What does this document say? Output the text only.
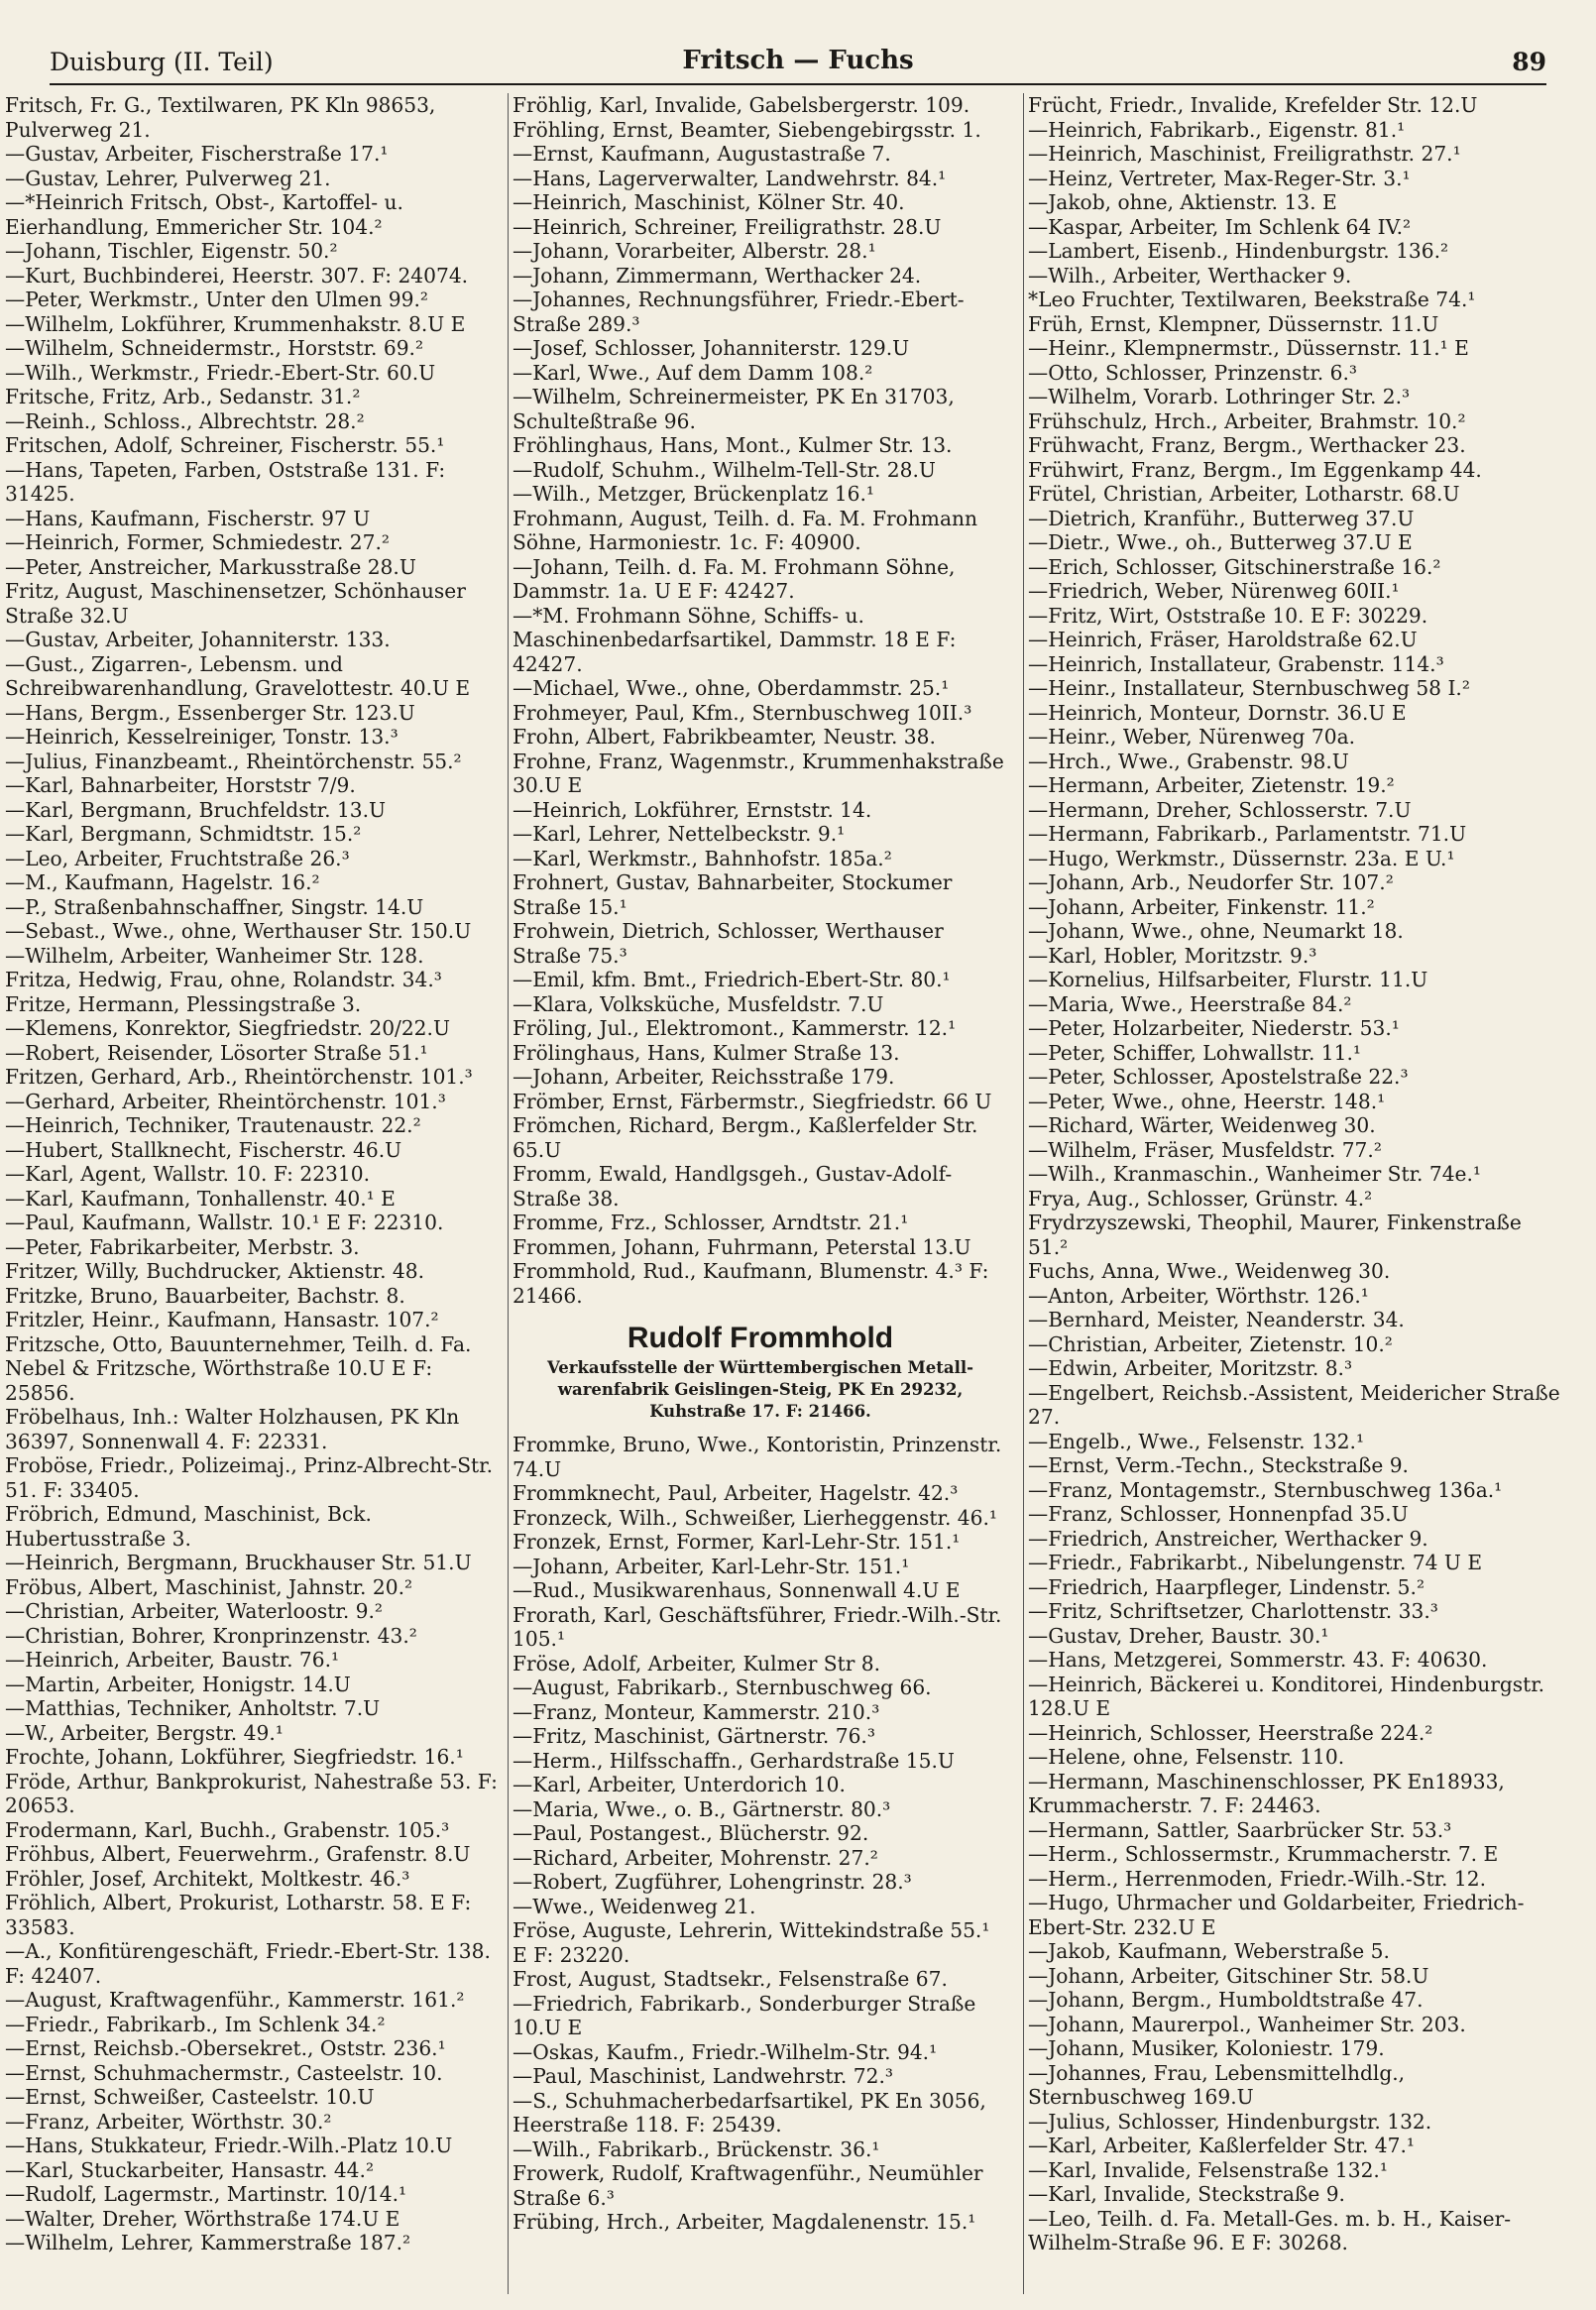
Duisburg (II. Teil)	Fritsch — Fuchs	89

Fritsch, Fr. G., Textilwaren, PK Kln 98653, Pulverweg 21.

—Gustav, Arbeiter, Fischerstraße 17.¹

—Gustav, Lehrer, Pulverweg 21.

—*Heinrich Fritsch, Obst-, Kartoffel- u. Eierhandlung, Emmericher Str. 104.²

—Johann, Tischler, Eigenstr. 50.²

—Kurt, Buchbinderei, Heerstr. 307. F: 24074.

—Peter, Werkmstr., Unter den Ulmen 99.²

—Wilhelm, Lokführer, Krummenhakstr. 8.U E

—Wilhelm, Schneidermstr., Horststr. 69.²

—Wilh., Werkmstr., Friedr.-Ebert-Str. 60.U

Fritsche, Fritz, Arb., Sedanstr. 31.²

—Reinh., Schloss., Albrechtstr. 28.²

Fritschen, Adolf, Schreiner, Fischerstr. 55.¹

—Hans, Tapeten, Farben, Oststraße 131. F: 31425.

—Hans, Kaufmann, Fischerstr. 97 U

—Heinrich, Former, Schmiedestr. 27.²

—Peter, Anstreicher, Markusstraße 28.U

Fritz, August, Maschinensetzer, Schönhauser Straße 32.U

—Gustav, Arbeiter, Johanniterstr. 133.

—Gust., Zigarren-, Lebensm. und Schreibwarenhandlung, Gravelottestr. 40.U E

—Hans, Bergm., Essenberger Str. 123.U

—Heinrich, Kesselreiniger, Tonstr. 13.³

—Julius, Finanzbeamt., Rheintörchenstr. 55.²

—Karl, Bahnarbeiter, Horststr 7/9.

—Karl, Bergmann, Bruchfeldstr. 13.U

—Karl, Bergmann, Schmidtstr. 15.²

—Leo, Arbeiter, Fruchtstraße 26.³

—M., Kaufmann, Hagelstr. 16.²

—P., Straßenbahnschaffner, Singstr. 14.U

—Sebast., Wwe., ohne, Werthauser Str. 150.U

—Wilhelm, Arbeiter, Wanheimer Str. 128.

Fritza, Hedwig, Frau, ohne, Rolandstr. 34.³

Fritze, Hermann, Plessingstraße 3.

—Klemens, Konrektor, Siegfriedstr. 20/22.U

—Robert, Reisender, Lösorter Straße 51.¹

Fritzen, Gerhard, Arb., Rheintörchenstr. 101.³

—Gerhard, Arbeiter, Rheintörchenstr. 101.³

—Heinrich, Techniker, Trautenaustr. 22.²

—Hubert, Stallknecht, Fischerstr. 46.U

—Karl, Agent, Wallstr. 10. F: 22310.

—Karl, Kaufmann, Tonhallenstr. 40.¹ E

—Paul, Kaufmann, Wallstr. 10.¹ E F: 22310.

—Peter, Fabrikarbeiter, Merbstr. 3.

Fritzer, Willy, Buchdrucker, Aktienstr. 48.

Fritzke, Bruno, Bauarbeiter, Bachstr. 8.

Fritzler, Heinr., Kaufmann, Hansastr. 107.²

Fritzsche, Otto, Bauunternehmer, Teilh. d. Fa. Nebel & Fritzsche, Wörthstraße 10.U E F: 25856.

Fröbelhaus, Inh.: Walter Holzhausen, PK Kln 36397, Sonnenwall 4. F: 22331.

Froböse, Friedr., Polizeimaj., Prinz-Albrecht-Str. 51. F: 33405.

Fröbrich, Edmund, Maschinist, Bck. Hubertusstraße 3.

—Heinrich, Bergmann, Bruckhauser Str. 51.U

Fröbus, Albert, Maschinist, Jahnstr. 20.²

—Christian, Arbeiter, Waterloostr. 9.²

—Christian, Bohrer, Kronprinzenstr. 43.²

—Heinrich, Arbeiter, Baustr. 76.¹

—Martin, Arbeiter, Honigstr. 14.U

—Matthias, Techniker, Anholtstr. 7.U

—W., Arbeiter, Bergstr. 49.¹

Frochte, Johann, Lokführer, Siegfriedstr. 16.¹

Fröde, Arthur, Bankprokurist, Nahestraße 53. F: 20653.

Frodermann, Karl, Buchh., Grabenstr. 105.³

Fröhbus, Albert, Feuerwehrm., Grafenstr. 8.U

Fröhler, Josef, Architekt, Moltkestr. 46.³

Fröhlich, Albert, Prokurist, Lotharstr. 58. E F: 33583.

—A., Konfitürengeschäft, Friedr.-Ebert-Str. 138. F: 42407.

—August, Kraftwagenführ., Kammerstr. 161.²

—Friedr., Fabrikarb., Im Schlenk 34.²

—Ernst, Reichsb.-Obersekret., Oststr. 236.¹

—Ernst, Schuhmachermstr., Casteelstr. 10.

—Ernst, Schweißer, Casteelstr. 10.U

—Franz, Arbeiter, Wörthstr. 30.²

—Hans, Stukkateur, Friedr.-Wilh.-Platz 10.U

—Karl, Stuckarbeiter, Hansastr. 44.²

—Rudolf, Lagermstr., Martinstr. 10/14.¹

—Walter, Dreher, Wörthstraße 174.U E

—Wilhelm, Lehrer, Kammerstraße 187.²

Fröhlig, Karl, Invalide, Gabelsbergerstr. 109.

Fröhling, Ernst, Beamter, Siebengebirgsstr. 1.

—Ernst, Kaufmann, Augustastraße 7.

—Hans, Lagerverwalter, Landwehrstr. 84.¹

—Heinrich, Maschinist, Kölner Str. 40.

—Heinrich, Schreiner, Freiligrathstr. 28.U

—Johann, Vorarbeiter, Alberstr. 28.¹

—Johann, Zimmermann, Werthacker 24.

—Johannes, Rechnungsführer, Friedr.-Ebert-Straße 289.³

—Josef, Schlosser, Johanniterstr. 129.U

—Karl, Wwe., Auf dem Damm 108.²

—Wilhelm, Schreinermeister, PK En 31703, Schulteßtraße 96.

Fröhlinghaus, Hans, Mont., Kulmer Str. 13.

—Rudolf, Schuhm., Wilhelm-Tell-Str. 28.U

—Wilh., Metzger, Brückenplatz 16.¹

Frohmann, August, Teilh. d. Fa. M. Frohmann Söhne, Harmoniestr. 1c. F: 40900.

—Johann, Teilh. d. Fa. M. Frohmann Söhne, Dammstr. 1a. U E F: 42427.

—*M. Frohmann Söhne, Schiffs- u. Maschinenbedarfsartikel, Dammstr. 18 E F: 42427.

—Michael, Wwe., ohne, Oberdammstr. 25.¹

Frohmeyer, Paul, Kfm., Sternbuschweg 10II.³

Frohn, Albert, Fabrikbeamter, Neustr. 38.

Frohne, Franz, Wagenmstr., Krummenhakstraße 30.U E

—Heinrich, Lokführer, Ernststr. 14.

—Karl, Lehrer, Nettelbeckstr. 9.¹

—Karl, Werkmstr., Bahnhofstr. 185a.²

Frohnert, Gustav, Bahnarbeiter, Stockumer Straße 15.¹

Frohwein, Dietrich, Schlosser, Werthauser Straße 75.³

—Emil, kfm. Bmt., Friedrich-Ebert-Str. 80.¹

—Klara, Volksküche, Musfeldstr. 7.U

Fröling, Jul., Elektromont., Kammerstr. 12.¹

Frölinghaus, Hans, Kulmer Straße 13.

—Johann, Arbeiter, Reichsstraße 179.

Frömber, Ernst, Färbermstr., Siegfriedstr. 66 U

Frömchen, Richard, Bergm., Kaßlerfelder Str. 65.U

Fromm, Ewald, Handlgsgeh., Gustav-Adolf-Straße 38.

Fromme, Frz., Schlosser, Arndtstr. 21.¹

Frommen, Johann, Fuhrmann, Peterstal 13.U

Frommhold, Rud., Kaufmann, Blumenstr. 4.³ F: 21466.

Rudolf Frommhold
Verkaufsstelle der Württembergischen Metall-
warenfabrik Geislingen-Steig, PK En 29232,
Kuhstraße 17. F: 21466.

Frommke, Bruno, Wwe., Kontoristin, Prinzenstr. 74.U

Frommknecht, Paul, Arbeiter, Hagelstr. 42.³

Fronzeck, Wilh., Schweißer, Lierheggenstr. 46.¹

Fronzek, Ernst, Former, Karl-Lehr-Str. 151.¹

—Johann, Arbeiter, Karl-Lehr-Str. 151.¹

—Rud., Musikwarenhaus, Sonnenwall 4.U E

Frorath, Karl, Geschäftsführer, Friedr.-Wilh.-Str. 105.¹

Fröse, Adolf, Arbeiter, Kulmer Str 8.

—August, Fabrikarb., Sternbuschweg 66.

—Franz, Monteur, Kammerstr. 210.³

—Fritz, Maschinist, Gärtnerstr. 76.³

—Herm., Hilfsschaffn., Gerhardstraße 15.U

—Karl, Arbeiter, Unterdorich 10.

—Maria, Wwe., o. B., Gärtnerstr. 80.³

—Paul, Postangest., Blücherstr. 92.

—Richard, Arbeiter, Mohrenstr. 27.²

—Robert, Zugführer, Lohengrinstr. 28.³

—Wwe., Weidenweg 21.

Fröse, Auguste, Lehrerin, Wittekindstraße 55.¹ E F: 23220.

Frost, August, Stadtsekr., Felsenstraße 67.

—Friedrich, Fabrikarb., Sonderburger Straße 10.U E

—Oskas, Kaufm., Friedr.-Wilhelm-Str. 94.¹

—Paul, Maschinist, Landwehrstr. 72.³

—S., Schuhmacherbedarfsartikel, PK En 3056, Heerstraße 118. F: 25439.

—Wilh., Fabrikarb., Brückenstr. 36.¹

Frowerk, Rudolf, Kraftwagenführ., Neumühler Straße 6.³

Frübing, Hrch., Arbeiter, Magdalenenstr. 15.¹

Frücht, Friedr., Invalide, Krefelder Str. 12.U

—Heinrich, Fabrikarb., Eigenstr. 81.¹

—Heinrich, Maschinist, Freiligrathstr. 27.¹

—Heinz, Vertreter, Max-Reger-Str. 3.¹

—Jakob, ohne, Aktienstr. 13. E

—Kaspar, Arbeiter, Im Schlenk 64 IV.²

—Lambert, Eisenb., Hindenburgstr. 136.²

—Wilh., Arbeiter, Werthacker 9.

*Leo Fruchter, Textilwaren, Beekstraße 74.¹

Früh, Ernst, Klempner, Düssernstr. 11.U

—Heinr., Klempnermstr., Düssernstr. 11.¹ E

—Otto, Schlosser, Prinzenstr. 6.³

—Wilhelm, Vorarb. Lothringer Str. 2.³

Frühschulz, Hrch., Arbeiter, Brahmstr. 10.²

Frühwacht, Franz, Bergm., Werthacker 23.

Frühwirt, Franz, Bergm., Im Eggenkamp 44.

Frütel, Christian, Arbeiter, Lotharstr. 68.U

—Dietrich, Kranführ., Butterweg 37.U

—Dietr., Wwe., oh., Butterweg 37.U E

—Erich, Schlosser, Gitschinerstraße 16.²

—Friedrich, Weber, Nürenweg 60II.¹

—Fritz, Wirt, Oststraße 10. E F: 30229.

—Heinrich, Fräser, Haroldstraße 62.U

—Heinrich, Installateur, Grabenstr. 114.³

—Heinr., Installateur, Sternbuschweg 58 I.²

—Heinrich, Monteur, Dornstr. 36.U E

—Heinr., Weber, Nürenweg 70a.

—Hrch., Wwe., Grabenstr. 98.U

—Hermann, Arbeiter, Zietenstr. 19.²

—Hermann, Dreher, Schlosserstr. 7.U

—Hermann, Fabrikarb., Parlamentstr. 71.U

—Hugo, Werkmstr., Düssernstr. 23a. E U.¹

—Johann, Arb., Neudorfer Str. 107.²

—Johann, Arbeiter, Finkenstr. 11.²

—Johann, Wwe., ohne, Neumarkt 18.

—Karl, Hobler, Moritzstr. 9.³

—Kornelius, Hilfsarbeiter, Flurstr. 11.U

—Maria, Wwe., Heerstraße 84.²

—Peter, Holzarbeiter, Niederstr. 53.¹

—Peter, Schiffer, Lohwallstr. 11.¹

—Peter, Schlosser, Apostelstraße 22.³

—Peter, Wwe., ohne, Heerstr. 148.¹

—Richard, Wärter, Weidenweg 30.

—Wilhelm, Fräser, Musfeldstr. 77.²

—Wilh., Kranmaschin., Wanheimer Str. 74e.¹

Frya, Aug., Schlosser, Grünstr. 4.²

Frydrzyszewski, Theophil, Maurer, Finkenstraße 51.²

Fuchs, Anna, Wwe., Weidenweg 30.

—Anton, Arbeiter, Wörthstr. 126.¹

—Bernhard, Meister, Neanderstr. 34.

—Christian, Arbeiter, Zietenstr. 10.²

—Edwin, Arbeiter, Moritzstr. 8.³

—Engelbert, Reichsb.-Assistent, Meidericher Straße 27.

—Engelb., Wwe., Felsenstr. 132.¹

—Ernst, Verm.-Techn., Steckstraße 9.

—Franz, Montagemstr., Sternbuschweg 136a.¹

—Franz, Schlosser, Honnenpfad 35.U

—Friedrich, Anstreicher, Werthacker 9.

—Friedr., Fabrikarbt., Nibelungenstr. 74 U E

—Friedrich, Haarpfleger, Lindenstr. 5.²

—Fritz, Schriftsetzer, Charlottenstr. 33.³

—Gustav, Dreher, Baustr. 30.¹

—Hans, Metzgerei, Sommerstr. 43. F: 40630.

—Heinrich, Bäckerei u. Konditorei, Hindenburgstr. 128.U E

—Heinrich, Schlosser, Heerstraße 224.²

—Helene, ohne, Felsenstr. 110.

—Hermann, Maschinenschlosser, PK En18933, Krummacherstr. 7. F: 24463.

—Hermann, Sattler, Saarbrücker Str. 53.³

—Herm., Schlossermstr., Krummacherstr. 7. E

—Herm., Herrenmoden, Friedr.-Wilh.-Str. 12.

—Hugo, Uhrmacher und Goldarbeiter, Friedrich-Ebert-Str. 232.U E

—Jakob, Kaufmann, Weberstraße 5.

—Johann, Arbeiter, Gitschiner Str. 58.U

—Johann, Bergm., Humboldtstraße 47.

—Johann, Maurerpol., Wanheimer Str. 203.

—Johann, Musiker, Koloniestr. 179.

—Johannes, Frau, Lebensmittelhdlg., Sternbuschweg 169.U

—Julius, Schlosser, Hindenburgstr. 132.

—Karl, Arbeiter, Kaßlerfelder Str. 47.¹

—Karl, Invalide, Felsenstraße 132.¹

—Karl, Invalide, Steckstraße 9.

—Leo, Teilh. d. Fa. Metall-Ges. m. b. H., Kaiser-Wilhelm-Straße 96. E F: 30268.
